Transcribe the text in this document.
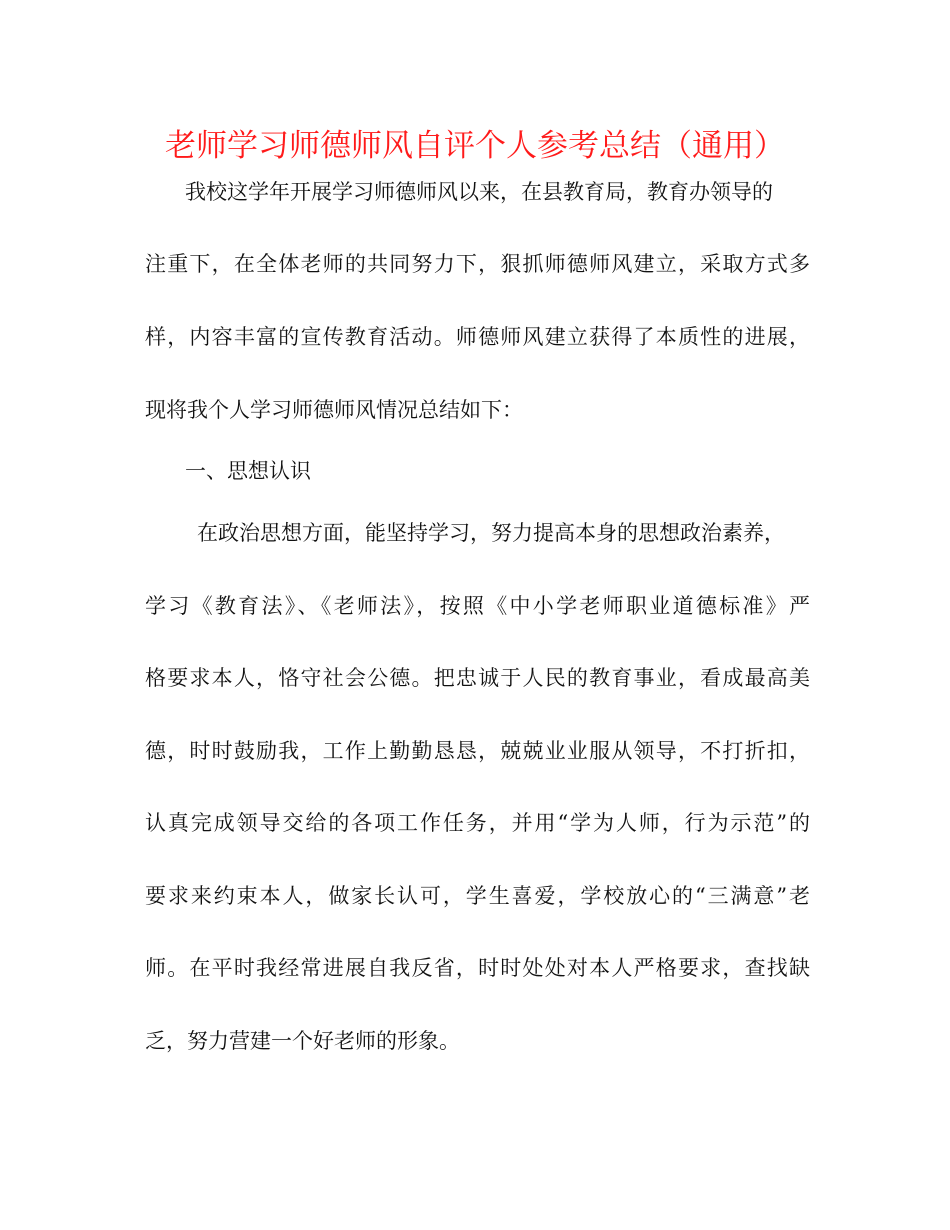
老师学习师德师风自评个人参考总结（通用）
我校这学年开展学习师德师风以来，在县教育局，教育办领导的
注重下，在全体老师的共同努力下，狠抓师德师风建立，采取方式多
样，内容丰富的宣传教育活动。师德师风建立获得了本质性的进展，
现将我个人学习师德师风情况总结如下：
一、思想认识
在政治思想方面，能坚持学习，努力提高本身的思想政治素养，
学习《教育法》、《老师法》，按照《中小学老师职业道德标准》严
格要求本人，恪守社会公德。把忠诚于人民的教育事业，看成最高美
德，时时鼓励我，工作上勤勤恳恳，兢兢业业服从领导，不打折扣，
认真完成领导交给的各项工作任务，并用“学为人师，行为示范”的
要求来约束本人，做家长认可，学生喜爱，学校放心的“三满意”老
师。在平时我经常进展自我反省，时时处处对本人严格要求，查找缺
乏，努力营建一个好老师的形象。
